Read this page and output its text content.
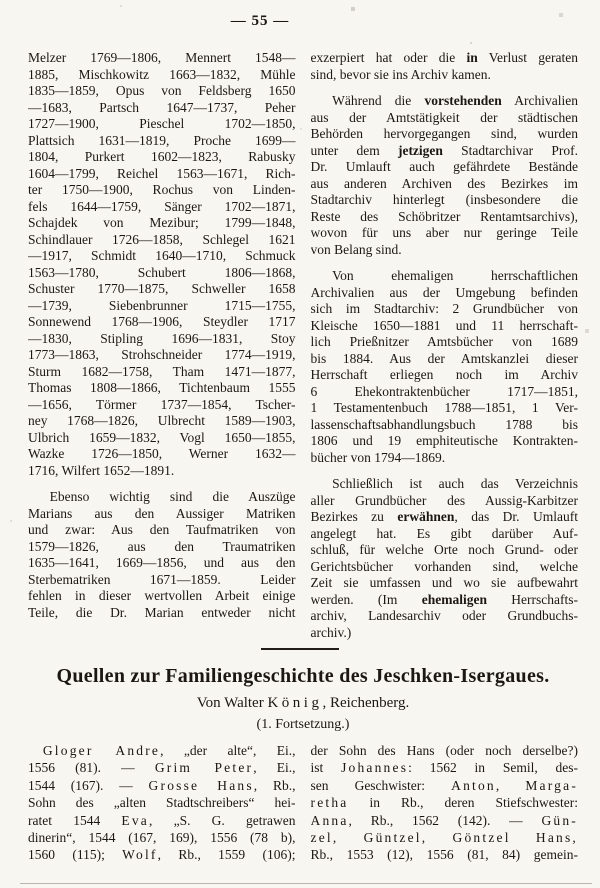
— 55 —

Melzer 1769—1806, Mennert 1548—
1885, Mischkowitz 1663—1832, Mühle
1835—1859, Opus von Feldsberg 1650
—1683, Partsch 1647—1737, Peher
1727—1900, Pieschel 1702—1850,
Plattsich 1631—1819, Proche 1699—
1804, Purkert 1602—1823, Rabusky
1604—1799, Reichel 1563—1671, Rich-
ter 1750—1900, Rochus von Linden-
fels 1644—1759, Sänger 1702—1871,
Schajdek von Mezibur; 1799—1848,
Schindlauer 1726—1858, Schlegel 1621
—1917, Schmidt 1640—1710, Schmuck
1563—1780, Schubert 1806—1868,
Schuster 1770—1875, Schweller 1658
—1739, Siebenbrunner 1715—1755,
Sonnewend 1768—1906, Steydler 1717
—1830, Stipling 1696—1831, Stoy
1773—1863, Strohschneider 1774—1919,
Sturm 1682—1758, Tham 1471—1877,
Thomas 1808—1866, Tichtenbaum 1555
—1656, Törmer 1737—1854, Tscher-
ney 1768—1826, Ulbrecht 1589—1903,
Ulbrich 1659—1832, Vogl 1650—1855,
Wazke 1726—1850, Werner 1632—
1716, Wilfert 1652—1891.

Ebenso wichtig sind die Auszüge
Marians aus den Aussiger Matriken
und zwar: Aus den Taufmatriken von
1579—1826, aus den Traumatriken
1635—1641, 1669—1856, und aus den
Sterbematriken 1671—1859. Leider
fehlen in dieser wertvollen Arbeit einige
Teile, die Dr. Marian entweder nicht

exzerpiert hat oder die in Verlust geraten
sind, bevor sie ins Archiv kamen.

Während die vorstehenden Archivalien
aus der Amtstätigkeit der städtischen
Behörden hervorgegangen sind, wurden
unter dem jetzigen Stadtarchivar Prof.
Dr. Umlauft auch gefährdete Bestände
aus anderen Archiven des Bezirkes im
Stadtarchiv hinterlegt (insbesondere die
Reste des Schöbritzer Rentamtsarchivs),
wovon für uns aber nur geringe Teile
von Belang sind.

Von ehemaligen herrschaftlichen
Archivalien aus der Umgebung befinden
sich im Stadtarchiv: 2 Grundbücher von
Kleische 1650—1881 und 11 herrschaft-
lich Prießnitzer Amtsbücher von 1689
bis 1884. Aus der Amtskanzlei dieser
Herrschaft erliegen noch im Archiv
6 Ehekontraktenbücher 1717—1851,
1 Testamentenbuch 1788—1851, 1 Ver-
lassenschaftsabhandlungsbuch 1788 bis
1806 und 19 emphiteutische Kontrakten-
bücher von 1794—1869.

Schließlich ist auch das Verzeichnis
aller Grundbücher des Aussig-Karbitzer
Bezirkes zu erwähnen, das Dr. Umlauft
angelegt hat. Es gibt darüber Auf-
schluß, für welche Orte noch Grund- oder
Gerichtsbücher vorhanden sind, welche
Zeit sie umfassen und wo sie aufbewahrt
werden. (Im ehemaligen Herrschafts-
archiv, Landesarchiv oder Grundbuchs-
archiv.)

Quellen zur Familiengeschichte des Jeschken-Isergaues.
Von Walter König, Reichenberg.
(1. Fortsetzung.)

Gloger Andre, „der alte“, Ei.,
1556 (81). — Grim Peter, Ei.,
1544 (167). — Grosse Hans, Rb.,
Sohn des „alten Stadtschreibers“ hei-
ratet 1544 Eva, „S. G. getrawen
dinerin“, 1544 (167, 169), 1556 (78 b),
1560 (115); Wolf, Rb., 1559 (106);

der Sohn des Hans (oder noch derselbe?)
ist Johannes: 1562 in Semil, des-
sen Geschwister: Anton, Marga-
retha in Rb., deren Stiefschwester:
Anna, Rb., 1562 (142). — Gün-
zel, Güntzel, Göntzel Hans,
Rb., 1553 (12), 1556 (81, 84) gemein-
